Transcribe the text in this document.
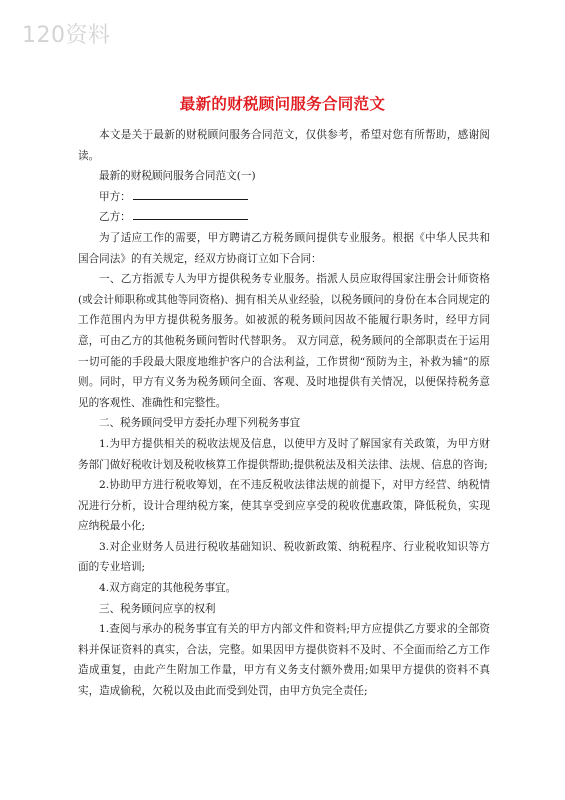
120资料
最新的财税顾问服务合同范文

本文是关于最新的财税顾问服务合同范文，仅供参考，希望对您有所帮助，感谢阅读。

最新的财税顾问服务合同范文(一)

甲方：

乙方：

为了适应工作的需要，甲方聘请乙方税务顾问提供专业服务。根据《中华人民共和国合同法》的有关规定，经双方协商订立如下合同：

一、乙方指派专人为甲方提供税务专业服务。指派人员应取得国家注册会计师资格(或会计师职称或其他等同资格)、拥有相关从业经验，以税务顾问的身份在本合同规定的工作范围内为甲方提供税务服务。如被派的税务顾问因故不能履行职务时，经甲方同意，可由乙方的其他税务顾问暂时代替职务。 双方同意，税务顾问的全部职责在于运用一切可能的手段最大限度地维护客户的合法利益，工作贯彻“预防为主，补救为辅”的原则。同时，甲方有义务为税务顾问全面、客观、及时地提供有关情况，以便保持税务意见的客观性、准确性和完整性。

二、税务顾问受甲方委托办理下列税务事宜

1.为甲方提供相关的税收法规及信息，以使甲方及时了解国家有关政策，为甲方财务部门做好税收计划及税收核算工作提供帮助;提供税法及相关法律、法规、信息的咨询;

2.协助甲方进行税收筹划，在不违反税收法律法规的前提下，对甲方经营、纳税情况进行分析，设计合理纳税方案，使其享受到应享受的税收优惠政策，降低税负，实现应纳税最小化;

3.对企业财务人员进行税收基础知识、税收新政策、纳税程序、行业税收知识等方面的专业培训;

4.双方商定的其他税务事宜。

三、税务顾问应享的权利

1.查阅与承办的税务事宜有关的甲方内部文件和资料;甲方应提供乙方要求的全部资料并保证资料的真实，合法，完整。如果因甲方提供资料不及时、不全面而给乙方工作造成重复，由此产生附加工作量，甲方有义务支付额外费用;如果甲方提供的资料不真实，造成偷税，欠税以及由此而受到处罚，由甲方负完全责任;
